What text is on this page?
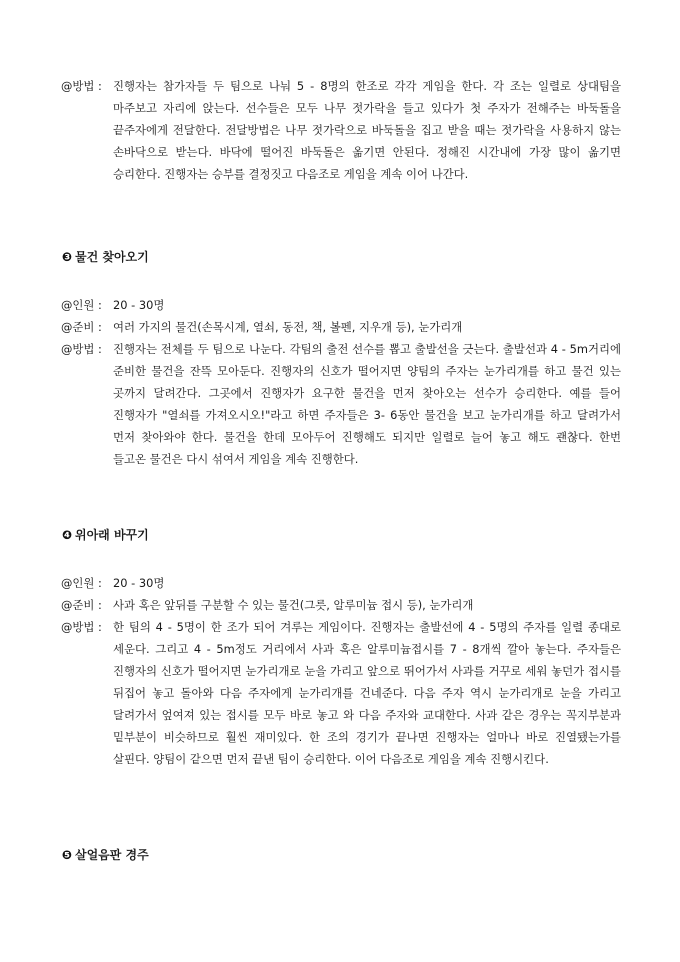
@방법 : 진행자는 참가자들 두 팀으로 나눠 5 - 8명의 한조로 각각 게임을 한다. 각 조는 일렬로 상대팀을 마주보고 자리에 앉는다. 선수들은 모두 나무 젓가락을 들고 있다가 첫 주자가 전해주는 바둑돌을 끝주자에게 전달한다. 전달방법은 나무 젓가락으로 바둑돌을 집고 받을 때는 젓가락을 사용하지 않는 손바닥으로 받는다. 바닥에 떨어진 바둑돌은 옮기면 안된다. 정해진 시간내에 가장 많이 옮기면 승리한다. 진행자는 승부를 결정짓고 다음조로 게임을 계속 이어 나간다.
❸ 물건 찾아오기
@인원 : 20 - 30명
@준비 : 여러 가지의 물건(손목시계, 열쇠, 동전, 책, 볼펜, 지우개 등), 눈가리개
@방법 : 진행자는 전체를 두 팀으로 나눈다. 각팀의 출전 선수를 뽑고 출발선을 긋는다. 출발선과 4 - 5m거리에 준비한 물건을 잔뜩 모아둔다. 진행자의 신호가 떨어지면 양팀의 주자는 눈가리개를 하고 물건 있는 곳까지 달려간다. 그곳에서 진행자가 요구한 물건을 먼저 찾아오는 선수가 승리한다. 예를 들어 진행자가 "열쇠를 가져오시오!"라고 하면 주자들은 3- 6동안 물건을 보고 눈가리개를 하고 달려가서 먼저 찾아와야 한다. 물건을 한데 모아두어 진행해도 되지만 일렬로 늘어 놓고 해도 괜찮다. 한번 들고온 물건은 다시 섞여서 게임을 계속 진행한다.
❹ 위아래 바꾸기
@인원 : 20 - 30명
@준비 : 사과 혹은 앞뒤를 구분할 수 있는 물건(그릇, 알루미늄 접시 등), 눈가리개
@방법 : 한 팀의 4 - 5명이 한 조가 되어 겨루는 게임이다. 진행자는 출발선에 4 - 5명의 주자를 일렬 종대로 세운다. 그리고 4 - 5m정도 거리에서 사과 혹은 알루미늄접시를 7 - 8개씩 깔아 놓는다. 주자들은 진행자의 신호가 떨어지면 눈가리개로 눈을 가리고 앞으로 뛰어가서 사과를 거꾸로 세워 놓던가 접시를 뒤집어 놓고 돌아와 다음 주자에게 눈가리개를 건네준다. 다음 주자 역시 눈가리개로 눈을 가리고 달려가서 엎여져 있는 접시를 모두 바로 놓고 와 다음 주자와 교대한다. 사과 같은 경우는 꼭지부분과 밑부분이 비슷하므로 훨씬 재미있다. 한 조의 경기가 끝나면 진행자는 얼마나 바로 진열됐는가를 살핀다. 양팀이 같으면 먼저 끝낸 팀이 승리한다. 이어 다음조로 게임을 계속 진행시킨다.
❺ 살얼음판 경주
